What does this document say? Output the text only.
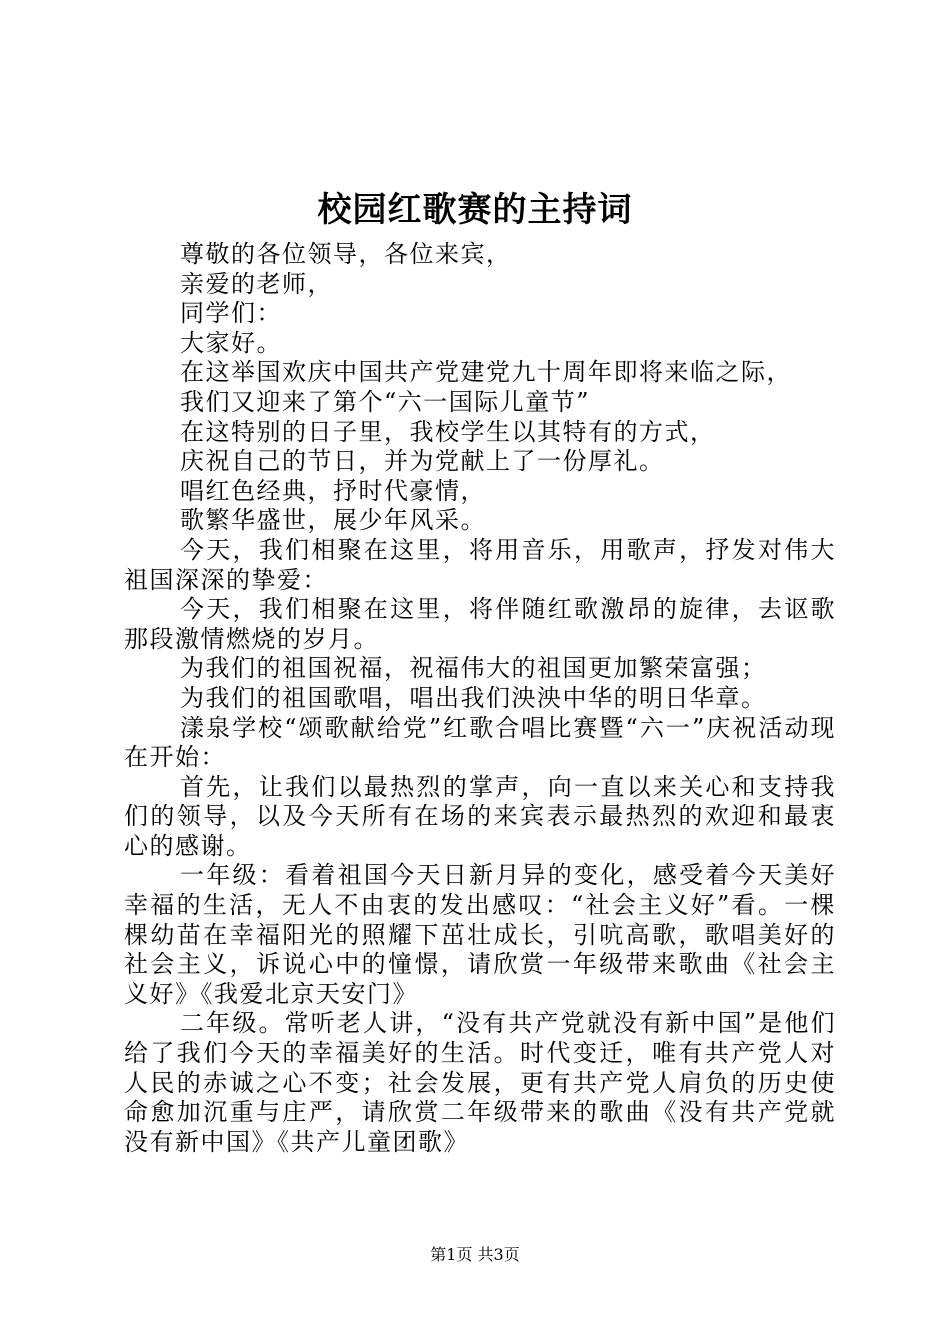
校园红歌赛的主持词

尊敬的各位领导，各位来宾，

亲爱的老师，

同学们：

大家好。

在这举国欢庆中国共产党建党九十周年即将来临之际，

我们又迎来了第个“六一国际儿童节”

在这特别的日子里，我校学生以其特有的方式，

庆祝自己的节日，并为党献上了一份厚礼。

唱红色经典，抒时代豪情，

歌繁华盛世，展少年风采。

今天，我们相聚在这里，将用音乐，用歌声，抒发对伟大祖国深深的挚爱：

今天，我们相聚在这里，将伴随红歌激昂的旋律，去讴歌那段激情燃烧的岁月。

为我们的祖国祝福，祝福伟大的祖国更加繁荣富强；

为我们的祖国歌唱，唱出我们泱泱中华的明日华章。

漾泉学校“颂歌献给党”红歌合唱比赛暨“六一”庆祝活动现在开始：

首先，让我们以最热烈的掌声，向一直以来关心和支持我们的领导，以及今天所有在场的来宾表示最热烈的欢迎和最衷心的感谢。

一年级：看着祖国今天日新月异的变化，感受着今天美好幸福的生活，无人不由衷的发出感叹：“社会主义好”看。一棵棵幼苗在幸福阳光的照耀下茁壮成长，引吭高歌，歌唱美好的社会主义，诉说心中的憧憬，请欣赏一年级带来歌曲《社会主义好》《我爱北京天安门》

二年级。常听老人讲，“没有共产党就没有新中国”是他们给了我们今天的幸福美好的生活。时代变迁，唯有共产党人对人民的赤诚之心不变；社会发展，更有共产党人肩负的历史使命愈加沉重与庄严，请欣赏二年级带来的歌曲《没有共产党就没有新中国》《共产儿童团歌》

第1页 共3页
